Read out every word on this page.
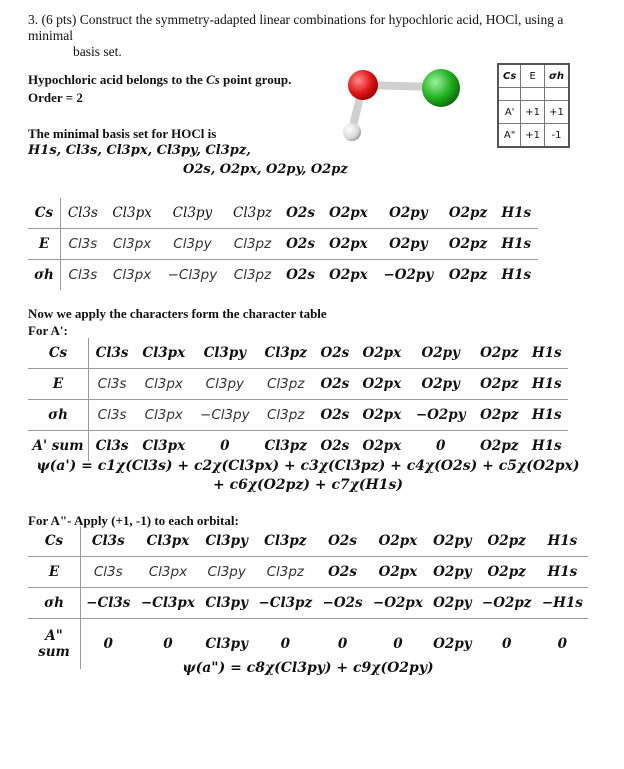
3. (6 pts) Construct the symmetry-adapted linear combinations for hypochloric acid, HOCl, using a minimal

basis set.
Hypochloric acid belongs to the Cs point group.
Order = 2
The minimal basis set for HOCl is
H1s, Cl3s, Cl3px, Cl3py, Cl3pz,
O2s, O2px, O2py, O2pz
Cs	E	σh

A'	+1	+1
A"	+1	-1
Cs	Cl3s	Cl3px	Cl3py	Cl3pz	O2s	O2px	O2py	O2pz	H1s
E	Cl3s	Cl3px	Cl3py	Cl3pz	O2s	O2px	O2py	O2pz	H1s
σh	Cl3s	Cl3px	−Cl3py	Cl3pz	O2s	O2px	−O2py	O2pz	H1s
Now we apply the characters form the character table
For A':
Cs	Cl3s	Cl3px	Cl3py	Cl3pz	O2s	O2px	O2py	O2pz	H1s
E	Cl3s	Cl3px	Cl3py	Cl3pz	O2s	O2px	O2py	O2pz	H1s
σh	Cl3s	Cl3px	−Cl3py	Cl3pz	O2s	O2px	−O2py	O2pz	H1s
A' sum	Cl3s	Cl3px	0	Cl3pz	O2s	O2px	0	O2pz	H1s
ψ(a') = c1χ(Cl3s) + c2χ(Cl3px) + c3χ(Cl3pz) + c4χ(O2s) + c5χ(O2px)
+ c6χ(O2pz) + c7χ(H1s)
For A"- Apply (+1, -1) to each orbital:
Cs	Cl3s	Cl3px	Cl3py	Cl3pz	O2s	O2px	O2py	O2pz	H1s
E	Cl3s	Cl3px	Cl3py	Cl3pz	O2s	O2px	O2py	O2pz	H1s
σh	−Cl3s	−Cl3px	Cl3py	−Cl3pz	−O2s	−O2px	O2py	−O2pz	−H1s
A" sum	0	0	Cl3py	0	0	0	O2py	0	0
ψ(a") = c8χ(Cl3py) + c9χ(O2py)
